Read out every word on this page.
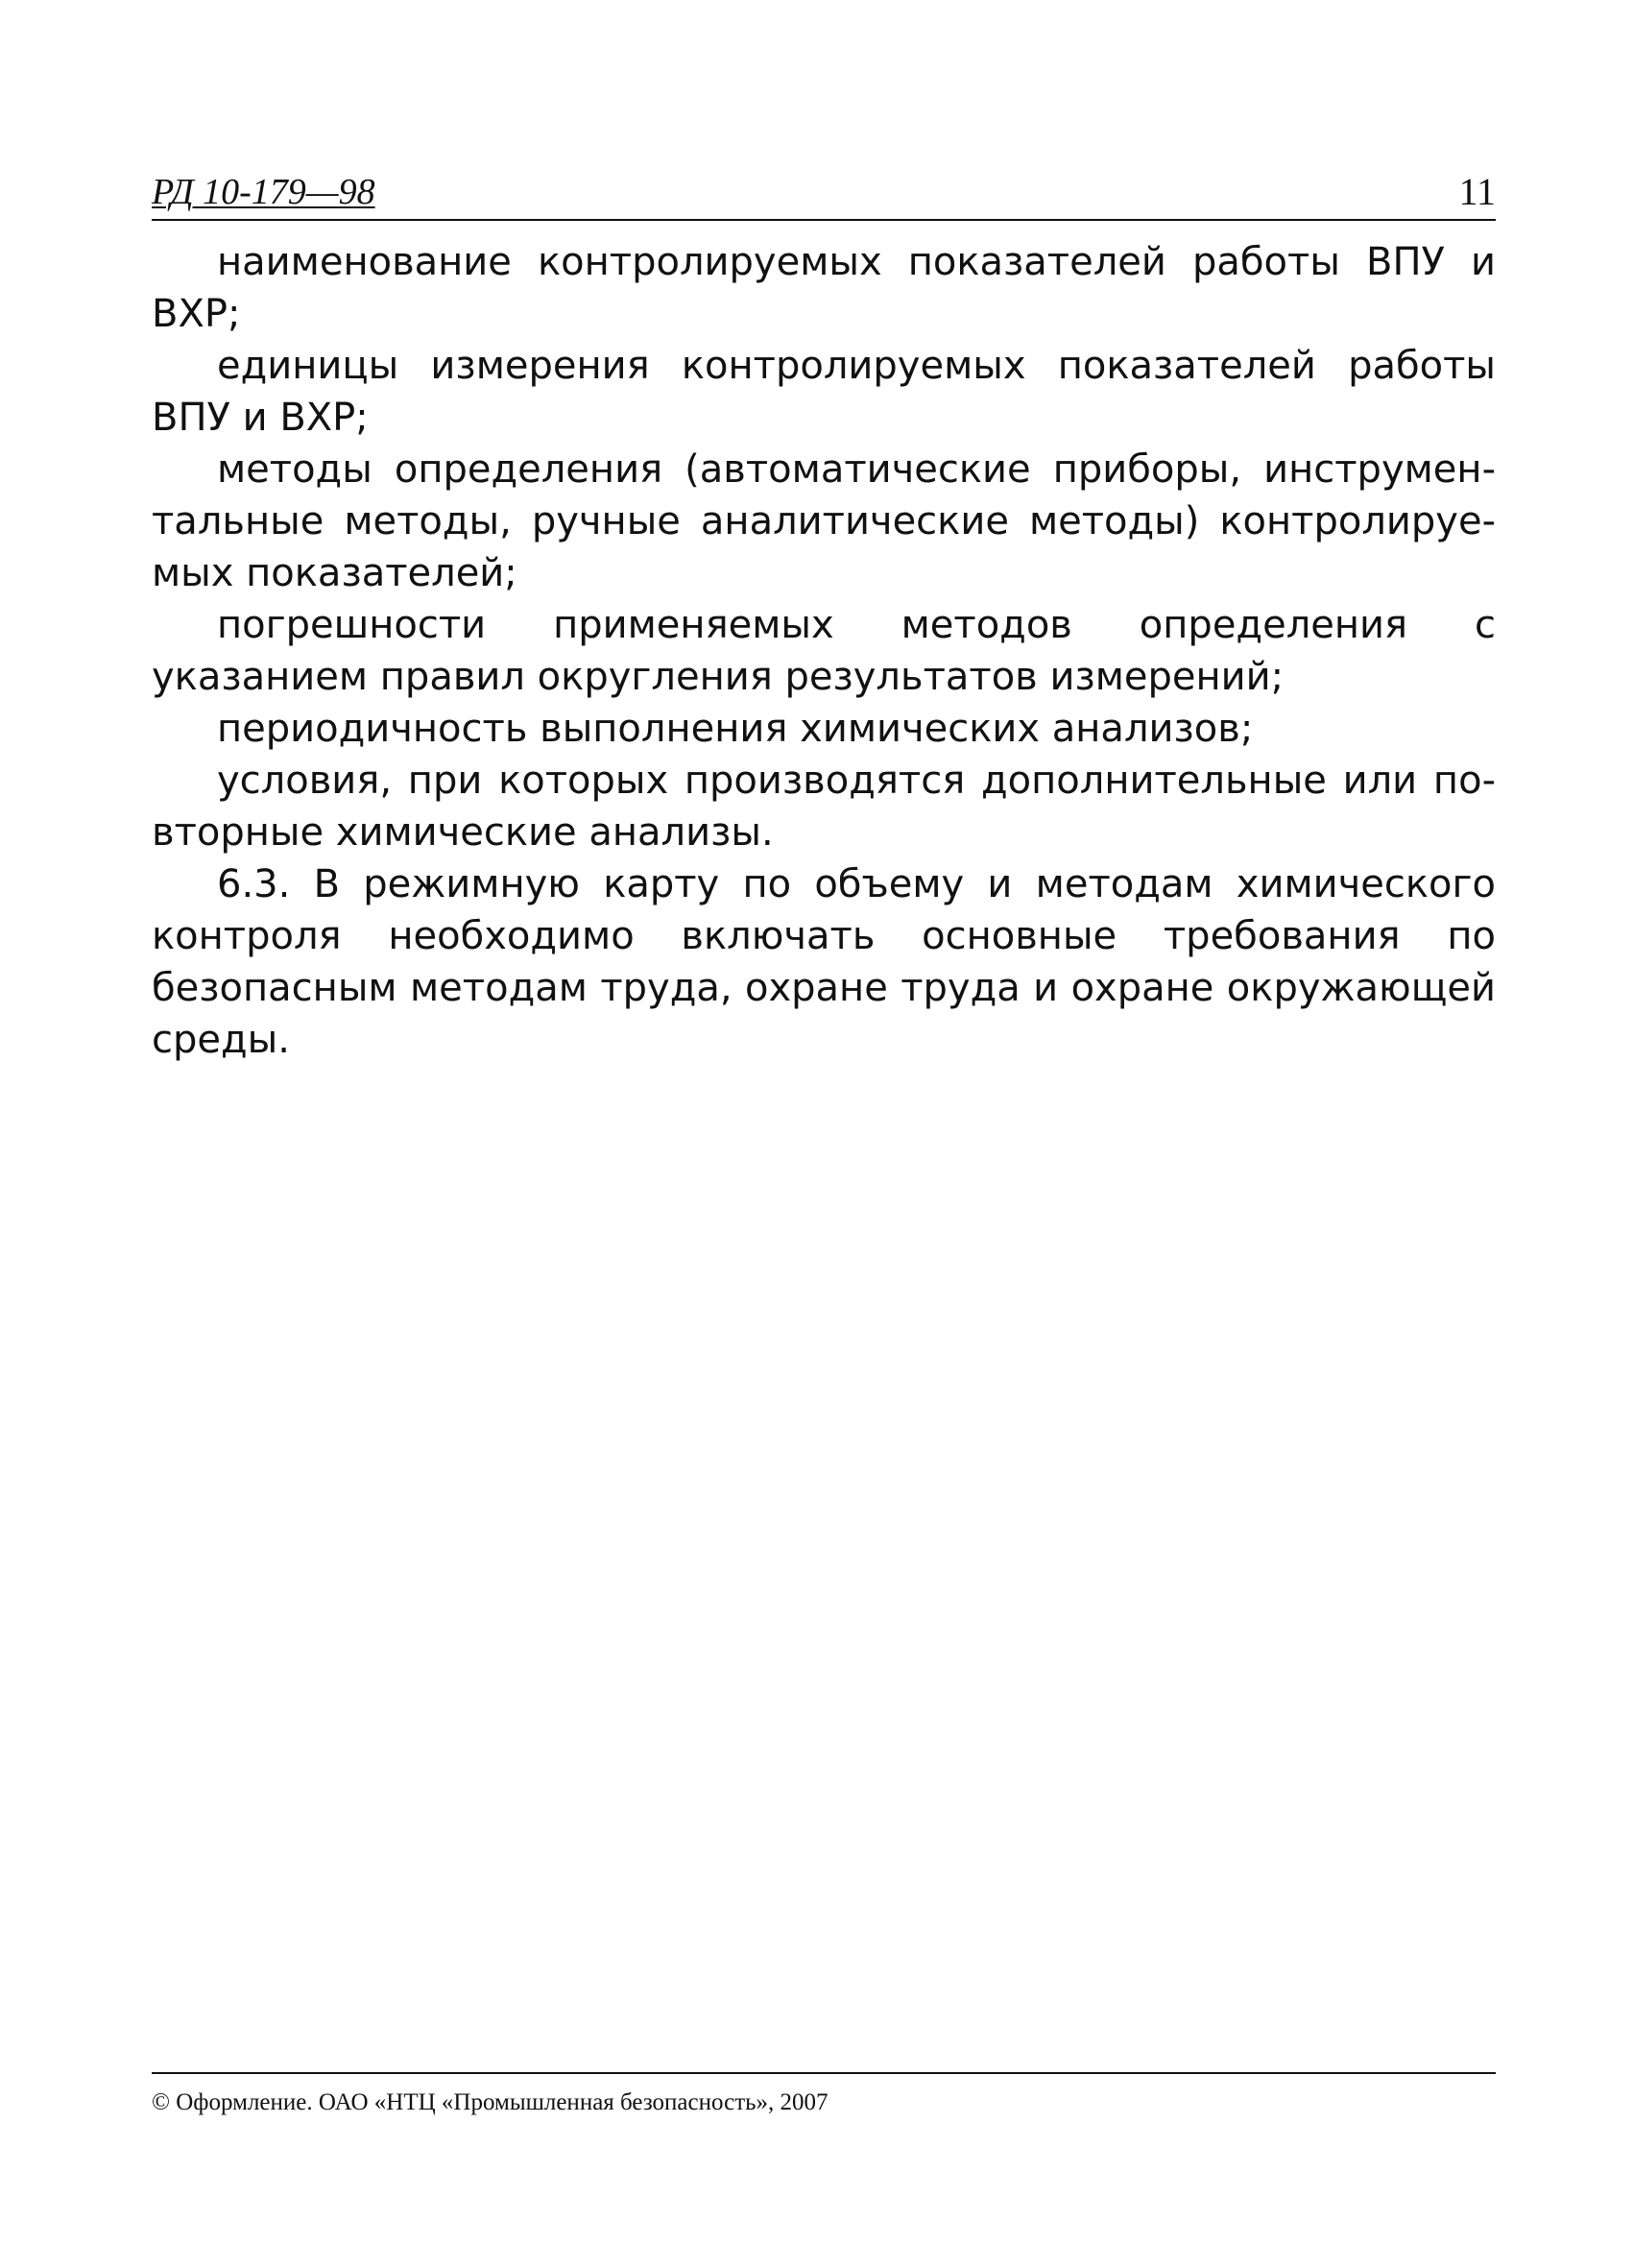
РД 10-179—98	11

наименование контролируемых показателей работы ВПУ и ВХР;

единицы измерения контролируемых показателей работы ВПУ и ВХР;

методы определения (автоматические приборы, инструментальные методы, ручные аналитические методы) контролируемых показателей;

погрешности применяемых методов определения с указанием правил округления результатов измерений;

периодичность выполнения химических анализов;

условия, при которых производятся дополнительные или повторные химические анализы.

6.3. В режимную карту по объему и методам химического контроля необходимо включать основные требования по безопасным методам труда, охране труда и охране окружающей среды.

© Оформление. ОАО «НТЦ «Промышленная безопасность», 2007
